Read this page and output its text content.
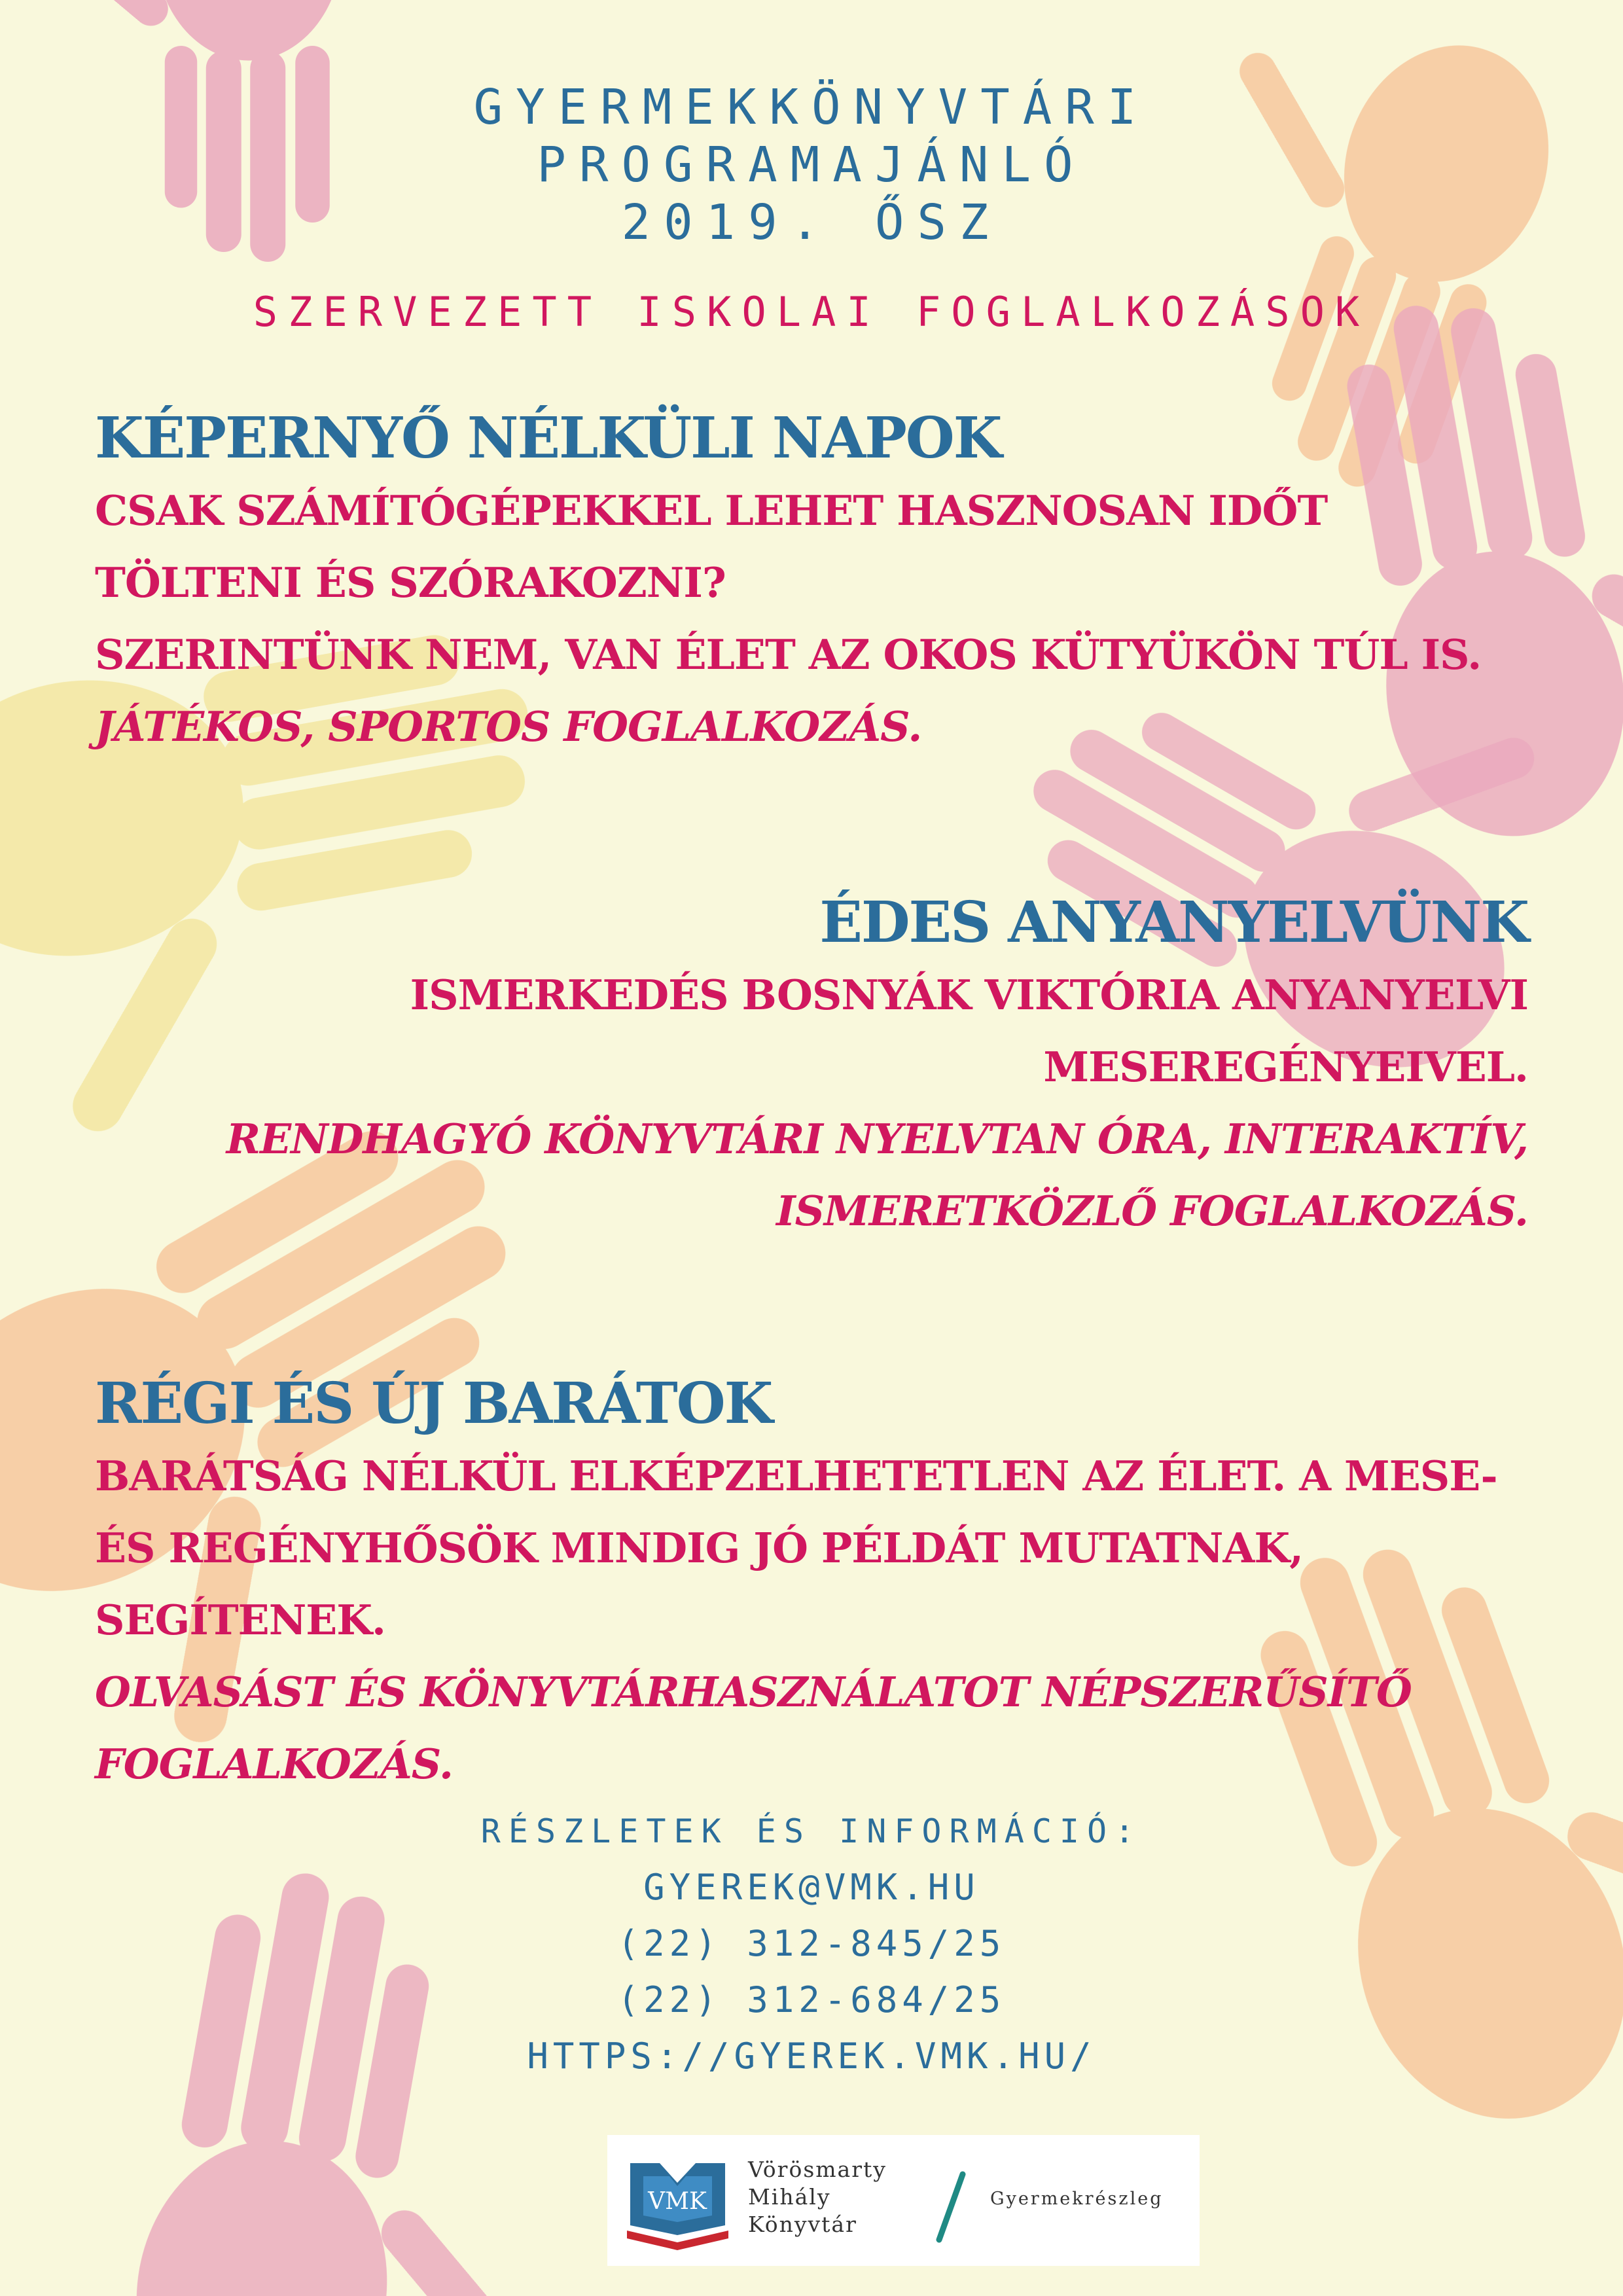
GYERMEKKÖNYVTÁRI
PROGRAMAJÁNLÓ
2019. ŐSZ
SZERVEZETT ISKOLAI FOGLALKOZÁSOK
KÉPERNYŐ NÉLKÜLI NAPOK
CSAK SZÁMÍTÓGÉPEKKEL LEHET HASZNOSAN IDŐT
TÖLTENI ÉS SZÓRAKOZNI?
SZERINTÜNK NEM, VAN ÉLET AZ OKOS KÜTYÜKÖN TÚL IS.
JÁTÉKOS, SPORTOS FOGLALKOZÁS.
ÉDES ANYANYELVÜNK
ISMERKEDÉS BOSNYÁK VIKTÓRIA ANYANYELVI
MESEREGÉNYEIVEL.
RENDHAGYÓ KÖNYVTÁRI NYELVTAN ÓRA, INTERAKTÍV,
ISMERETKÖZLŐ FOGLALKOZÁS.
RÉGI ÉS ÚJ BARÁTOK
BARÁTSÁG NÉLKÜL ELKÉPZELHETETLEN AZ ÉLET. A MESE-
ÉS REGÉNYHŐSÖK MINDIG JÓ PÉLDÁT MUTATNAK,
SEGÍTENEK.
OLVASÁST ÉS KÖNYVTÁRHASZNÁLATOT NÉPSZERŰSÍTŐ
FOGLALKOZÁS.
RÉSZLETEK ÉS INFORMÁCIÓ:
GYEREK@VMK.HU
(22) 312-845/25
(22) 312-684/25
HTTPS://GYEREK.VMK.HU/
VMK
Vörösmarty
Mihály
Könyvtár
Gyermekrészleg
